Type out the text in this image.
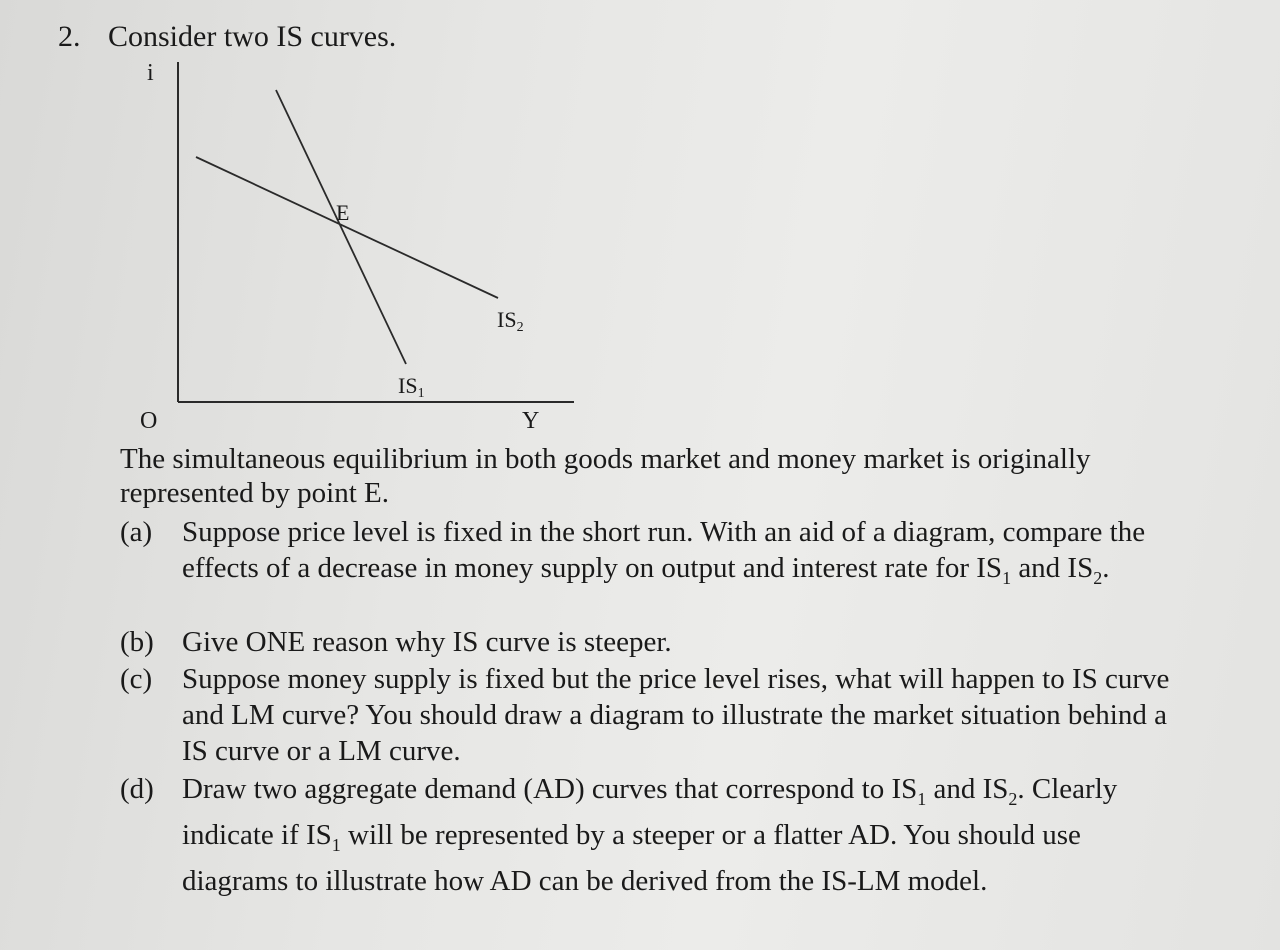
2. Consider two IS curves.
i
O	Y
E
IS1
IS2
The simultaneous equilibrium in both goods market and money market is originally represented by point E.
(a) Suppose price level is fixed in the short run. With an aid of a diagram, compare the effects of a decrease in money supply on output and interest rate for $IS_1$ and $IS_2$.
(b) Give ONE reason why IS curve is steeper.
(c) Suppose money supply is fixed but the price level rises, what will happen to IS curve and LM curve? You should draw a diagram to illustrate the market situation behind a IS curve or a LM curve.
(d) Draw two aggregate demand (AD) curves that correspond to $IS_1$ and $IS_2$. Clearly indicate if $IS_1$ will be represented by a steeper or a flatter AD. You should use diagrams to illustrate how AD can be derived from the IS-LM model.
